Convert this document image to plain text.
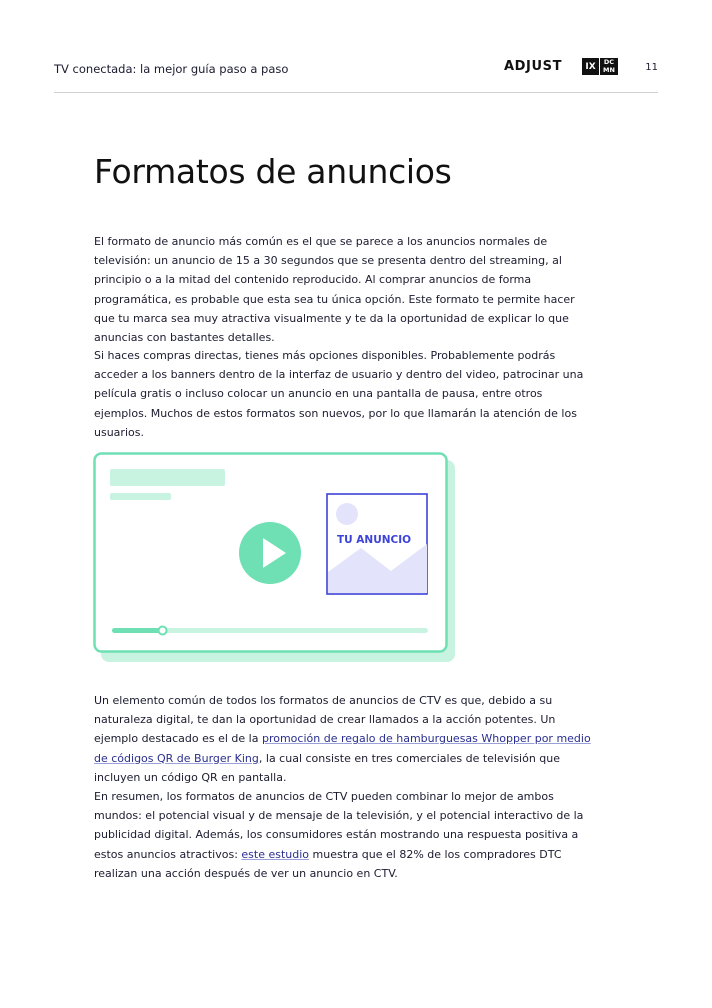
TV conectada: la mejor guía paso a paso	ADJUST	IX	DC
MN	11
Formatos de anuncios

El formato de anuncio más común es el que se parece a los anuncios normales de televisión: un anuncio de 15 a 30 segundos que se presenta dentro del streaming, al principio o a la mitad del contenido reproducido. Al comprar anuncios de forma programática, es probable que esta sea tu única opción. Este formato te permite hacer que tu marca sea muy atractiva visualmente y te da la oportunidad de explicar lo que anuncias con bastantes detalles.

Si haces compras directas, tienes más opciones disponibles. Probablemente podrás acceder a los banners dentro de la interfaz de usuario y dentro del video, patrocinar una película gratis o incluso colocar un anuncio en una pantalla de pausa, entre otros ejemplos. Muchos de estos formatos son nuevos, por lo que llamarán la atención de los usuarios.

TU ANUNCIO

Un elemento común de todos los formatos de anuncios de CTV es que, debido a su naturaleza digital, te dan la oportunidad de crear llamados a la acción potentes. Un ejemplo destacado es el de la promoción de regalo de hamburguesas Whopper por medio de códigos QR de Burger King, la cual consiste en tres comerciales de televisión que incluyen un código QR en pantalla.

En resumen, los formatos de anuncios de CTV pueden combinar lo mejor de ambos mundos: el potencial visual y de mensaje de la televisión, y el potencial interactivo de la publicidad digital. Además, los consumidores están mostrando una respuesta positiva a estos anuncios atractivos: este estudio muestra que el 82% de los compradores DTC realizan una acción después de ver un anuncio en CTV.
